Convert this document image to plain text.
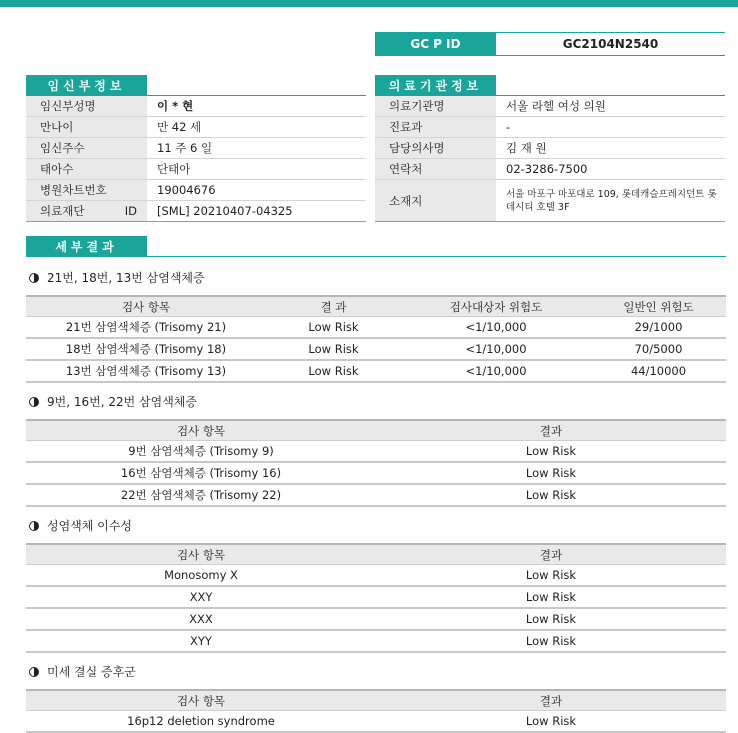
GC P ID	GC2104N2540
임신부정보
임신부성명	이 * 현
만나이	만 42 세
임신주수	11 주 6 일
태아수	단태아
병원차트번호	19004676
의료재단 ID	[SML] 20210407-04325
의료기관정보
의료기관명	서울 라헬 여성 의원
진료과	-
담당의사명	김 재 원
연락처	02-3286-7500
소재지	서울 마포구 마포대로 109, 롯데캐슬프레지던트 롯데시티 호텔 3F
세부결과
21번, 18번, 13번 삼염색체증
검사 항목	결 과	검사대상자 위험도	일반인 위험도
21번 삼염색체증 (Trisomy 21)	Low Risk	<1/10,000	29/1000
18번 삼염색체증 (Trisomy 18)	Low Risk	<1/10,000	70/5000
13번 삼염색체증 (Trisomy 13)	Low Risk	<1/10,000	44/10000
9번, 16번, 22번 삼염색체증
검사 항목	결과
9번 삼염색체증 (Trisomy 9)	Low Risk
16번 삼염색체증 (Trisomy 16)	Low Risk
22번 삼염색체증 (Trisomy 22)	Low Risk
성염색체 이수성
검사 항목	결과
Monosomy X	Low Risk
XXY	Low Risk
XXX	Low Risk
XYY	Low Risk
미세 결실 증후군
검사 항목	결과
16p12 deletion syndrome	Low Risk
